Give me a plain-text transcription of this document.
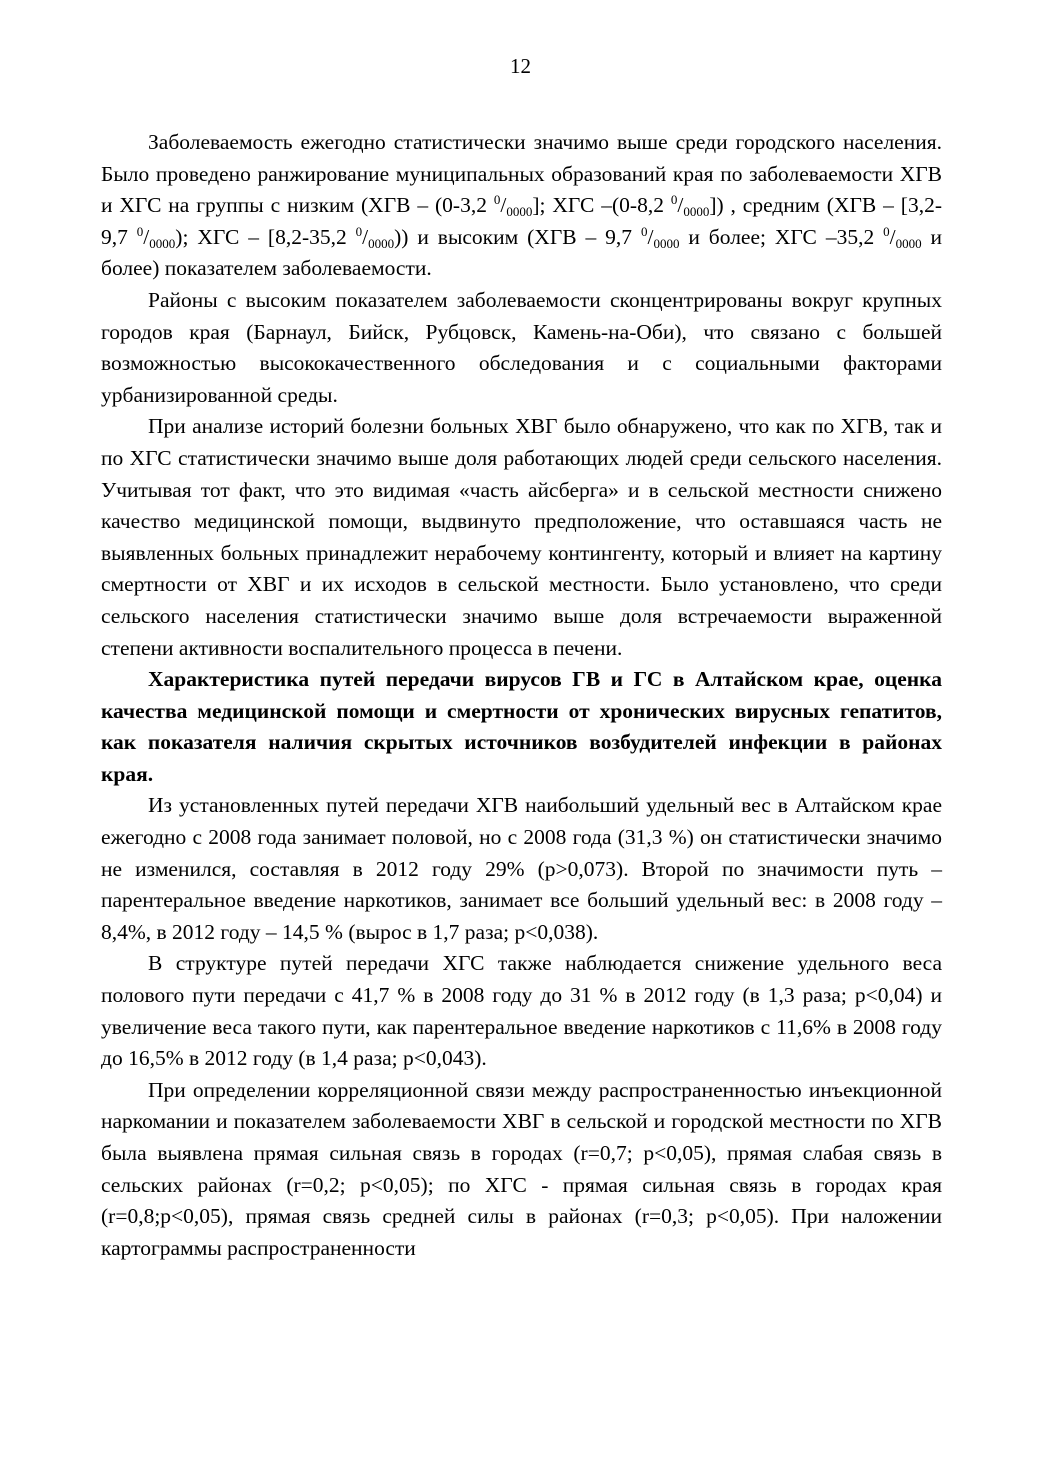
12

Заболеваемость ежегодно статистически значимо выше среди городского населения. Было проведено ранжирование муниципальных образований края по заболеваемости ХГВ и ХГС на группы с низким (ХГВ – (0-3,2 $^0/_{0000}$]; ХГС –(0-8,2 $^0/_{0000}$]) , средним (ХГВ – [3,2-9,7 $^0/_{0000}$); ХГС – [8,2-35,2 $^0/_{0000}$)) и высоким (ХГВ – 9,7 $^0/_{0000}$ и более; ХГС –35,2 $^0/_{0000}$ и более) показателем заболеваемости.

Районы с высоким показателем заболеваемости сконцентрированы вокруг крупных городов края (Барнаул, Бийск, Рубцовск, Камень-на-Оби), что связано с большей возможностью высококачественного обследования и с социальными факторами урбанизированной среды.

При анализе историй болезни больных ХВГ было обнаружено, что как по ХГВ, так и по ХГС статистически значимо выше доля работающих людей среди сельского населения. Учитывая тот факт, что это видимая «часть айсберга» и в сельской местности снижено качество медицинской помощи, выдвинуто предположение, что оставшаяся часть не выявленных больных принадлежит нерабочему контингенту, который и влияет на картину смертности от ХВГ и их исходов в сельской местности. Было установлено, что среди сельского населения статистически значимо выше доля встречаемости выраженной степени активности воспалительного процесса в печени.

Характеристика путей передачи вирусов ГВ и ГС в Алтайском крае, оценка качества медицинской помощи и смертности от хронических вирусных гепатитов, как показателя наличия скрытых источников возбудителей инфекции в районах края.

Из установленных путей передачи ХГВ наибольший удельный вес в Алтайском крае ежегодно с 2008 года занимает половой, но с 2008 года (31,3 %) он статистически значимо не изменился, составляя в 2012 году 29% (р>0,073). Второй по значимости путь – парентеральное введение наркотиков, занимает все больший удельный вес: в 2008 году – 8,4%, в 2012 году – 14,5 % (вырос в 1,7 раза; р<0,038).

В структуре путей передачи ХГС также наблюдается снижение удельного веса полового пути передачи с 41,7 % в 2008 году до 31 % в 2012 году (в 1,3 раза; р<0,04) и увеличение веса такого пути, как парентеральное введение наркотиков с 11,6% в 2008 году до 16,5% в 2012 году (в 1,4 раза; р<0,043).

При определении корреляционной связи между распространенностью инъекционной наркомании и показателем заболеваемости ХВГ в сельской и городской местности по ХГВ была выявлена прямая сильная связь в городах (r=0,7; р<0,05), прямая слабая связь в сельских районах (r=0,2; р<0,05); по ХГС - прямая сильная связь в городах края (r=0,8;р<0,05), прямая связь средней силы в районах (r=0,3; р<0,05). При наложении картограммы распространенности
